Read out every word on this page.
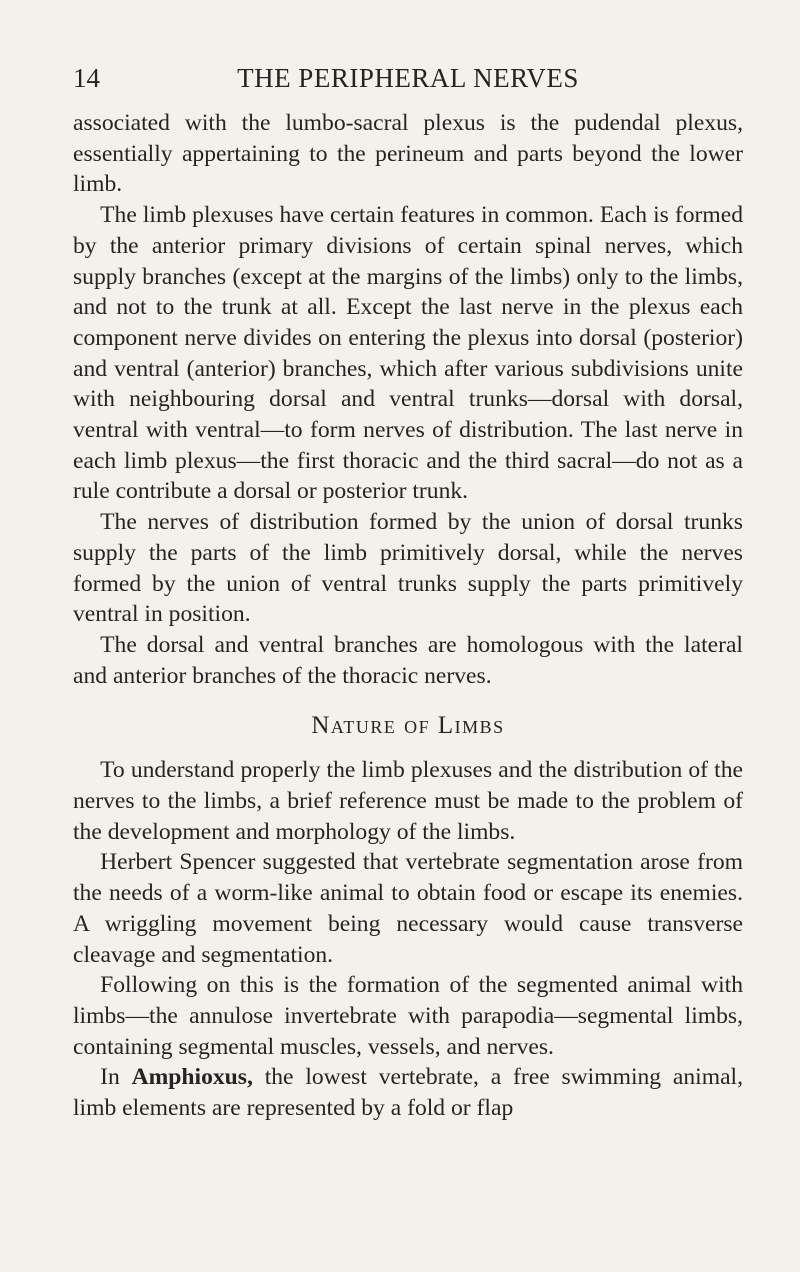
14	THE PERIPHERAL NERVES

associated with the lumbo-sacral plexus is the pudendal plexus, essentially appertaining to the perineum and parts beyond the lower limb.

The limb plexuses have certain features in common. Each is formed by the anterior primary divisions of certain spinal nerves, which supply branches (except at the margins of the limbs) only to the limbs, and not to the trunk at all. Except the last nerve in the plexus each component nerve divides on entering the plexus into dorsal (posterior) and ventral (anterior) branches, which after various subdivisions unite with neighbouring dorsal and ventral trunks—dorsal with dorsal, ventral with ventral—to form nerves of distribution. The last nerve in each limb plexus—the first thoracic and the third sacral—do not as a rule contribute a dorsal or posterior trunk.

The nerves of distribution formed by the union of dorsal trunks supply the parts of the limb primitively dorsal, while the nerves formed by the union of ventral trunks supply the parts primitively ventral in position.

The dorsal and ventral branches are homologous with the lateral and anterior branches of the thoracic nerves.

Nature of Limbs

To understand properly the limb plexuses and the distribution of the nerves to the limbs, a brief reference must be made to the problem of the development and morphology of the limbs.

Herbert Spencer suggested that vertebrate segmentation arose from the needs of a worm-like animal to obtain food or escape its enemies. A wriggling movement being necessary would cause transverse cleavage and segmentation.

Following on this is the formation of the segmented animal with limbs—the annulose invertebrate with parapodia—segmental limbs, containing segmental muscles, vessels, and nerves.

In Amphioxus, the lowest vertebrate, a free swimming animal, limb elements are represented by a fold or flap
